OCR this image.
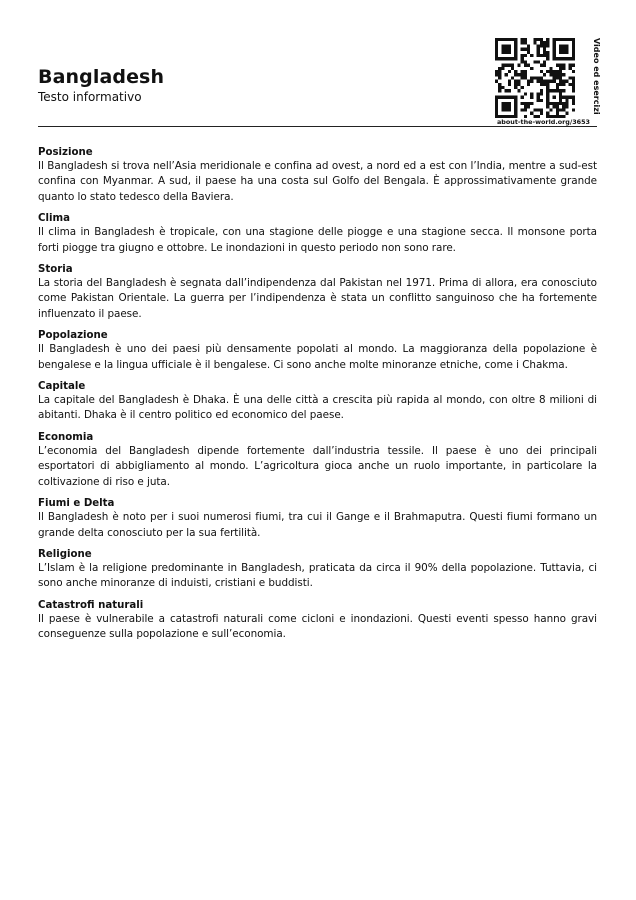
Bangladesh
Testo informativo
about-the-world.org/3653
Video ed esercizi
Posizione

Il Bangladesh si trova nell’Asia meridionale e confina ad ovest, a nord ed a est con l’India, mentre a sud-est confina con Myanmar. A sud, il paese ha una costa sul Golfo del Bengala. È approssimativamente grande quanto lo stato tedesco della Baviera.

Clima

Il clima in Bangladesh è tropicale, con una stagione delle piogge e una stagione secca. Il monsone porta forti piogge tra giugno e ottobre. Le inondazioni in questo periodo non sono rare.

Storia

La storia del Bangladesh è segnata dall’indipendenza dal Pakistan nel 1971. Prima di allora, era conosciuto come Pakistan Orientale. La guerra per l’indipendenza è stata un conflitto sanguinoso che ha fortemente influenzato il paese.

Popolazione

Il Bangladesh è uno dei paesi più densamente popolati al mondo. La maggioranza della popolazione è bengalese e la lingua ufficiale è il bengalese. Ci sono anche molte minoranze etniche, come i Chakma.

Capitale

La capitale del Bangladesh è Dhaka. È una delle città a crescita più rapida al mondo, con oltre 8 milioni di abitanti. Dhaka è il centro politico ed economico del paese.

Economia

L’economia del Bangladesh dipende fortemente dall’industria tessile. Il paese è uno dei principali esportatori di abbigliamento al mondo. L’agricoltura gioca anche un ruolo importante, in particolare la coltivazione di riso e juta.

Fiumi e Delta

Il Bangladesh è noto per i suoi numerosi fiumi, tra cui il Gange e il Brahmaputra. Questi fiumi formano un grande delta conosciuto per la sua fertilità.

Religione

L’Islam è la religione predominante in Bangladesh, praticata da circa il 90% della popolazione. Tuttavia, ci sono anche minoranze di induisti, cristiani e buddisti.

Catastrofi naturali

Il paese è vulnerabile a catastrofi naturali come cicloni e inondazioni. Questi eventi spesso hanno gravi conseguenze sulla popolazione e sull’economia.
